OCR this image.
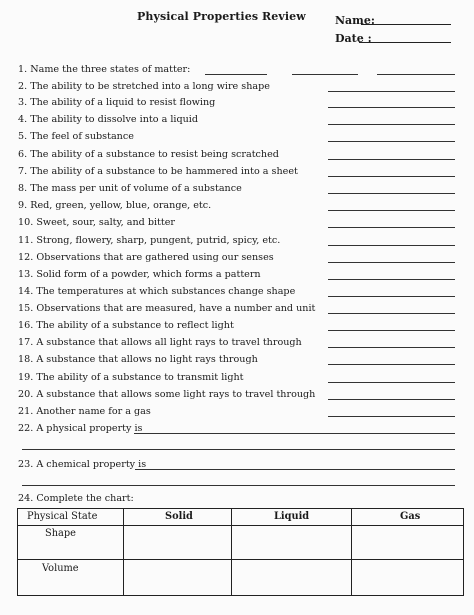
Physical Properties Review	Name:
Date :
1. Name the three states of matter:
2. The ability to be stretched into a long wire shape
3. The ability of a liquid to resist flowing
4. The ability to dissolve into a liquid
5. The feel of substance
6. The ability of a substance to resist being scratched
7. The ability of a substance to be hammered into a sheet
8. The mass per unit of volume of a substance
9. Red, green, yellow, blue, orange, etc.
10. Sweet, sour, salty, and bitter
11. Strong, flowery, sharp, pungent, putrid, spicy, etc.
12. Observations that are gathered using our senses
13. Solid form of a powder, which forms a pattern
14. The temperatures at which substances change shape
15. Observations that are measured, have a number and unit
16. The ability of a substance to reflect light
17. A substance that allows all light rays to travel through
18. A substance that allows no light rays through
19. The ability of a substance to transmit light
20. A substance that allows some light rays to travel through
21. Another name for a gas
22. A physical property is
23. A chemical property is
24. Complete the chart:
Physical State	Solid	Liquid	Gas
Shape
Volume
